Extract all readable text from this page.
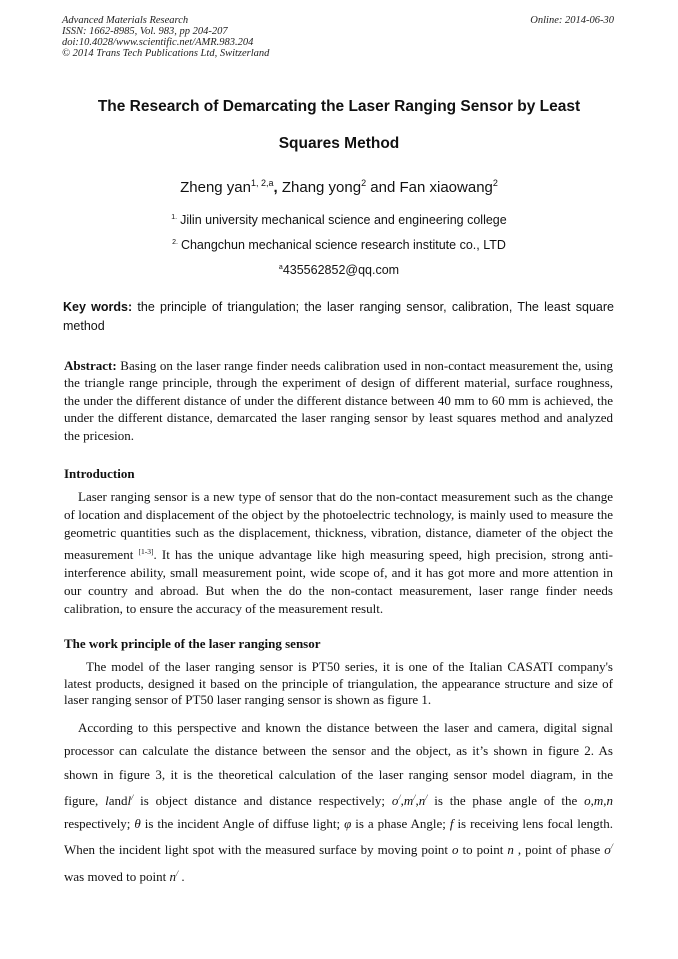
Advanced Materials Research
ISSN: 1662-8985, Vol. 983, pp 204-207
doi:10.4028/www.scientific.net/AMR.983.204
© 2014 Trans Tech Publications Ltd, Switzerland
Online: 2014-06-30
The Research of Demarcating the Laser Ranging Sensor by Least
Squares Method
Zheng yan$^{1, 2,a}$, Zhang yong$^2$ and Fan xiaowang$^2$
$^{1.}$ Jilin university mechanical science and engineering college
$^{2.}$ Changchun mechanical science research institute co., LTD
$^a$435562852@qq.com
Key words: the principle of triangulation; the laser ranging sensor, calibration, The least square method
Abstract: Basing on the laser range finder needs calibration used in non-contact measurement the, using the triangle range principle, through the experiment of design of different material, surface roughness, the under the different distance of under the different distance between 40 mm to 60 mm is achieved, the under the different distance, demarcated the laser ranging sensor by least squares method and analyzed the pricesion.
Introduction
Laser ranging sensor is a new type of sensor that do the non-contact measurement such as the change of location and displacement of the object by the photoelectric technology, is mainly used to measure the geometric quantities such as the displacement, thickness, vibration, distance, diameter of the object the measurement [1-3]. It has the unique advantage like high measuring speed, high precision, strong anti-interference ability, small measurement point, wide scope of, and it has got more and more attention in our country and abroad. But when the do the non-contact measurement, laser range finder needs calibration, to ensure the accuracy of the measurement result.
The work principle of the laser ranging sensor
The model of the laser ranging sensor is PT50 series, it is one of the Italian CASATI company's latest products, designed it based on the principle of triangulation, the appearance structure and size of laser ranging sensor of PT50 laser ranging sensor is shown as figure 1.
According to this perspective and known the distance between the laser and camera, digital signal processor can calculate the distance between the sensor and the object, as it’s shown in figure 2. As shown in figure 3, it is the theoretical calculation of the laser ranging sensor model diagram, in the figure, landl/ is object distance and distance respectively; o/,m/,n/ is the phase angle of the o,m,n respectively; θ is the incident Angle of diffuse light; φ is a phase Angle; f is receiving lens focal length. When the incident light spot with the measured surface by moving point o to point n , point of phase o/ was moved to point n/ .
